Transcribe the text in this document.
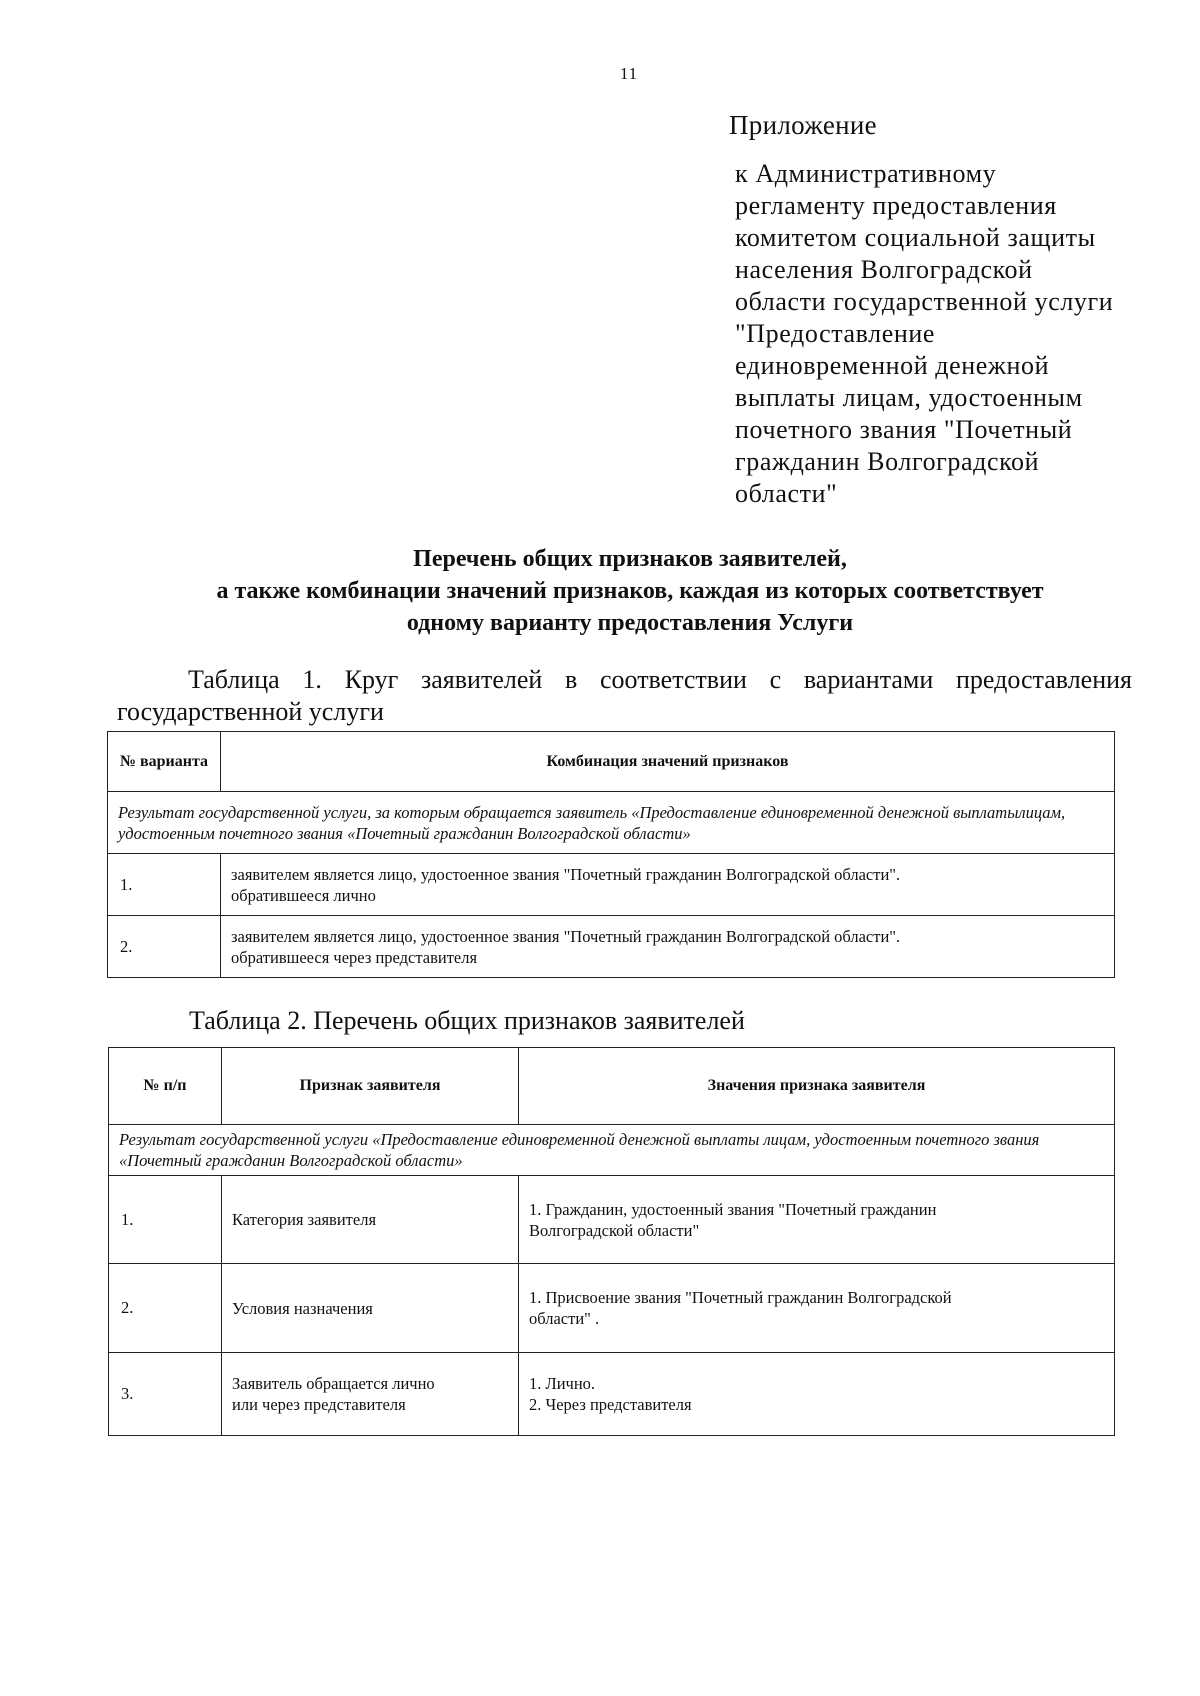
11
Приложение
к Административному
регламенту предоставления
комитетом социальной защиты
населения Волгоградской
области государственной услуги
"Предоставление
единовременной денежной
выплаты лицам, удостоенным
почетного звания "Почетный
гражданин Волгоградской
области"
Перечень общих признаков заявителей,
а также комбинации значений признаков, каждая из которых соответствует
одному варианту предоставления Услуги
Таблица 1. Круг заявителей в соответствии с вариантами предоставления государственной услуги
№ варианта	Комбинация значений признаков
Результат государственной услуги, за которым обращается заявитель «Предоставление единовременной денежной выплатылицам, удостоенным почетного звания «Почетный гражданин Волгоградской области»	
1.	заявителем является лицо, удостоенное звания "Почетный гражданин Волгоградской области".
обратившееся лично
2.	заявителем является лицо, удостоенное звания "Почетный гражданин Волгоградской области".
обратившееся через представителя
Таблица 2. Перечень общих признаков заявителей
№ п/п	Признак заявителя	Значения признака заявителя
Результат государственной услуги «Предоставление единовременной денежной выплаты лицам, удостоенным почетного звания «Почетный гражданин Волгоградской области»		
1.	Категория заявителя	1. Гражданин, удостоенный звания "Почетный гражданин
Волгоградской области"
2.	Условия назначения	1. Присвоение звания "Почетный гражданин Волгоградской
области" .
3.	Заявитель обращается лично
или через представителя	1. Лично.
2. Через представителя
